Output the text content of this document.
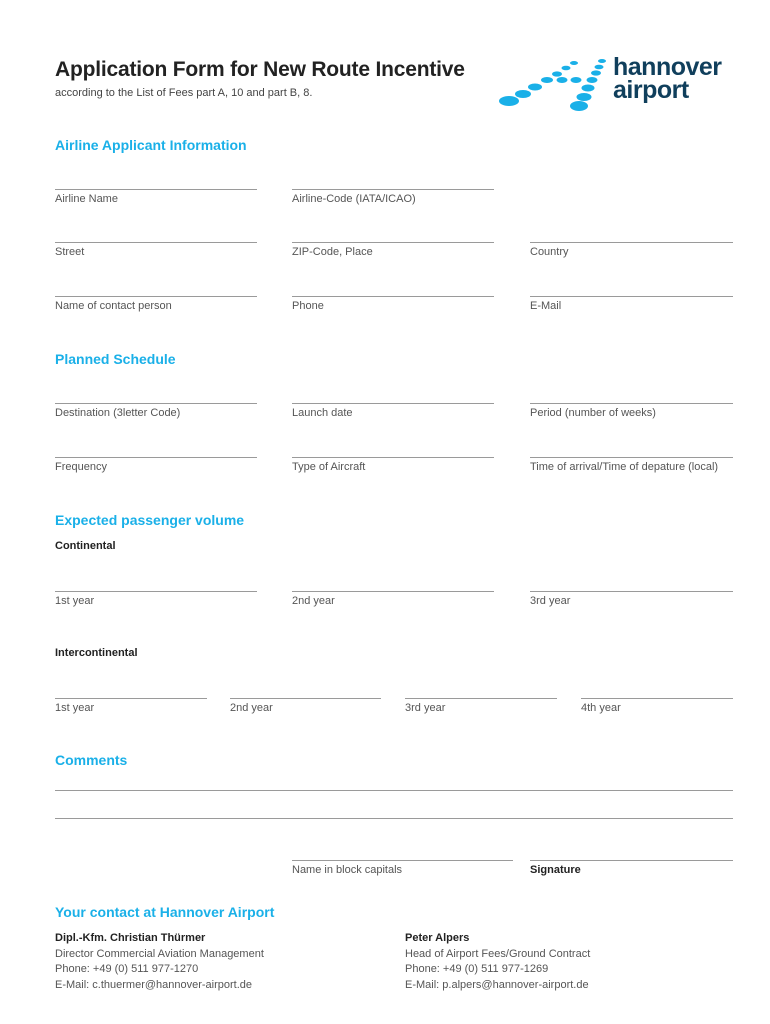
Application Form for New Route Incentive
according to the List of Fees part A, 10 and part B, 8.
hannover
airport
Airline Applicant Information
Airline Name	Airline-Code (IATA/ICAO)
Street	ZIP-Code, Place	Country
Name of contact person	Phone	E-Mail
Planned Schedule
Destination (3letter Code)	Launch date	Period (number of weeks)
Frequency	Type of Aircraft	Time of arrival/Time of depature (local)
Expected passenger volume
Continental
1st year	2nd year	3rd year
Intercontinental
1st year	2nd year	3rd year	4th year
Comments
Name in block capitals	Signature
Your contact at Hannover Airport
Dipl.-Kfm. Christian Thürmer
Director Commercial Aviation Management
Phone: +49 (0) 511 977-1270
E-Mail: c.thuermer@hannover-airport.de
Peter Alpers
Head of Airport Fees/Ground Contract
Phone: +49 (0) 511 977-1269
E-Mail: p.alpers@hannover-airport.de
